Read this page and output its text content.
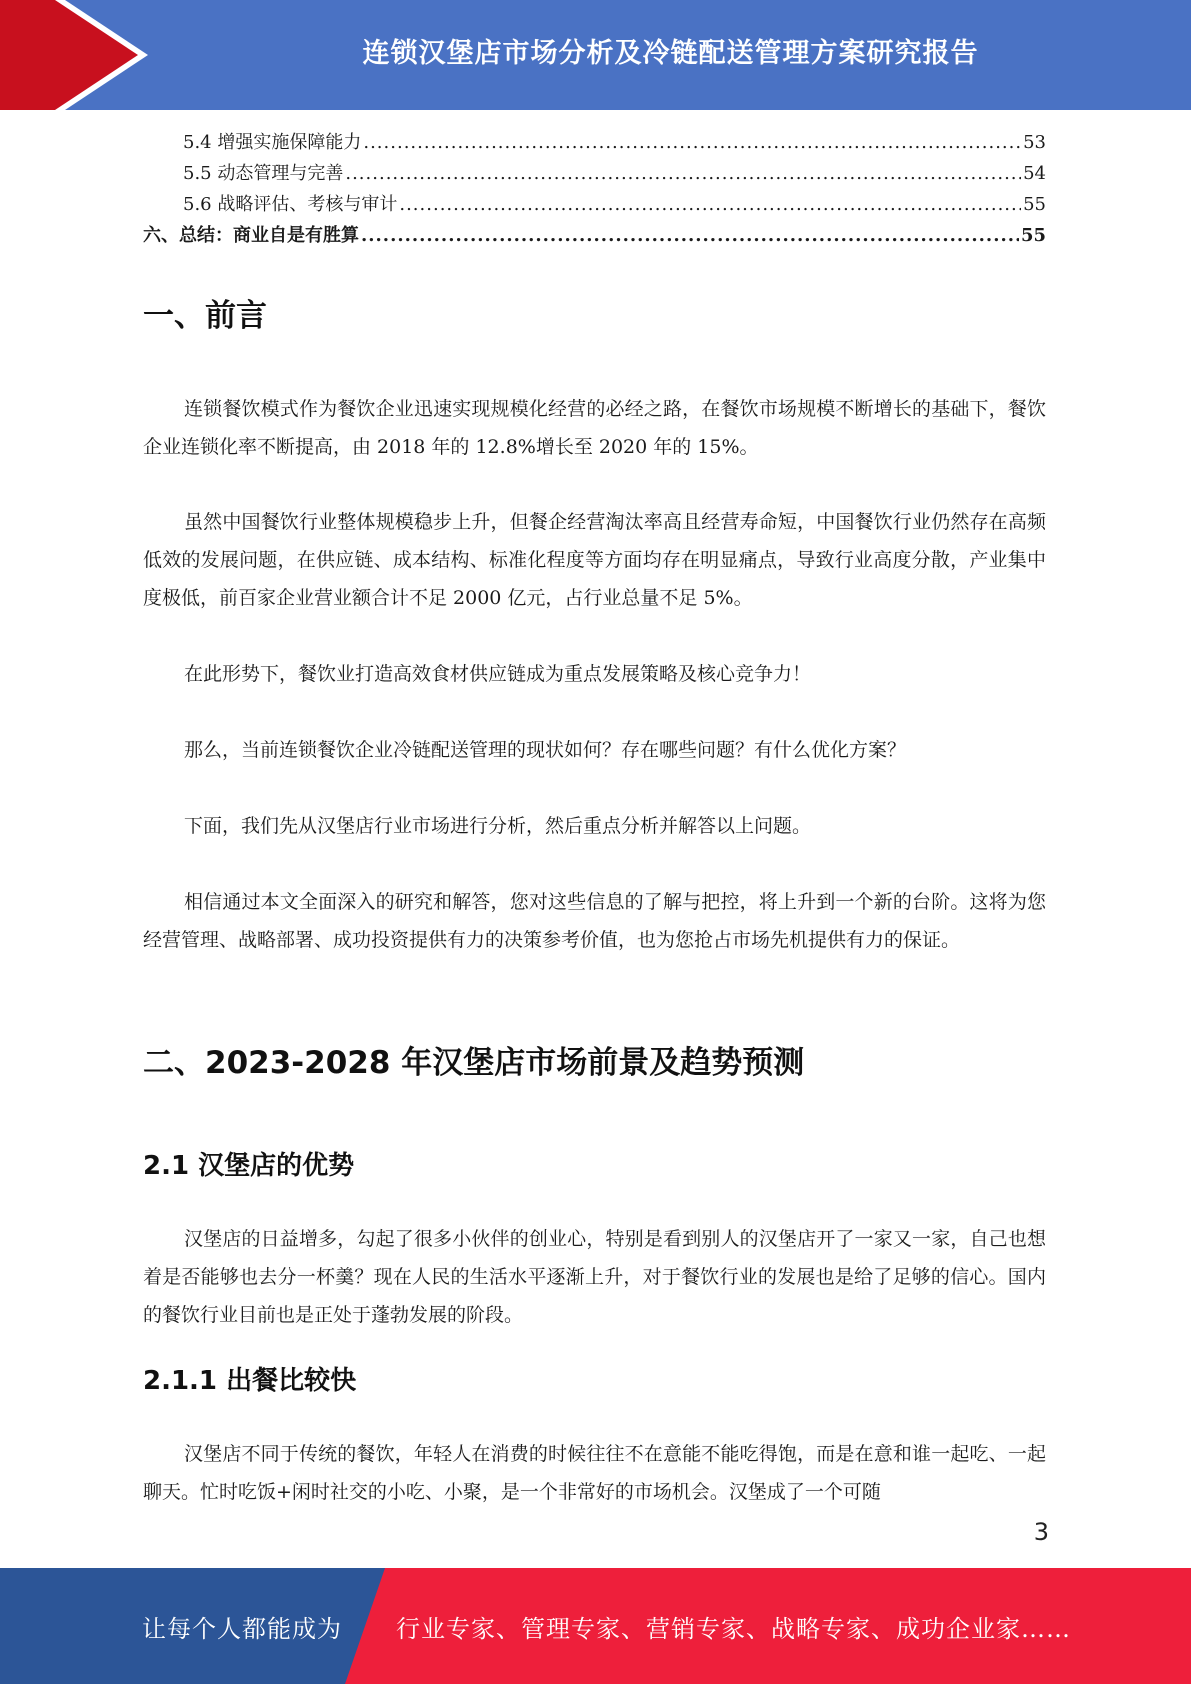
连锁汉堡店市场分析及冷链配送管理方案研究报告
5.4 增强实施保障能力 .....	53
5.5 动态管理与完善 .....	54
5.6 战略评估、考核与审计 .....	55
六、总结：商业自是有胜算 .....	55
一、前言

连锁餐饮模式作为餐饮企业迅速实现规模化经营的必经之路，在餐饮市场规模不断增长的基础下，餐饮企业连锁化率不断提高，由 2018 年的 12.8%增长至 2020 年的 15%。

虽然中国餐饮行业整体规模稳步上升，但餐企经营淘汰率高且经营寿命短，中国餐饮行业仍然存在高频低效的发展问题，在供应链、成本结构、标准化程度等方面均存在明显痛点，导致行业高度分散，产业集中度极低，前百家企业营业额合计不足 2000 亿元，占行业总量不足 5%。

在此形势下，餐饮业打造高效食材供应链成为重点发展策略及核心竞争力！

那么，当前连锁餐饮企业冷链配送管理的现状如何？存在哪些问题？有什么优化方案？

下面，我们先从汉堡店行业市场进行分析，然后重点分析并解答以上问题。

相信通过本文全面深入的研究和解答，您对这些信息的了解与把控，将上升到一个新的台阶。这将为您经营管理、战略部署、成功投资提供有力的决策参考价值，也为您抢占市场先机提供有力的保证。

二、2023-2028 年汉堡店市场前景及趋势预测
2.1 汉堡店的优势

汉堡店的日益增多，勾起了很多小伙伴的创业心，特别是看到别人的汉堡店开了一家又一家，自己也想着是否能够也去分一杯羹？现在人民的生活水平逐渐上升，对于餐饮行业的发展也是给了足够的信心。国内的餐饮行业目前也是正处于蓬勃发展的阶段。

2.1.1 出餐比较快

汉堡店不同于传统的餐饮，年轻人在消费的时候往往不在意能不能吃得饱，而是在意和谁一起吃、一起聊天。忙时吃饭+闲时社交的小吃、小聚，是一个非常好的市场机会。汉堡成了一个可随

3
让每个人都能成为 行业专家、管理专家、营销专家、战略专家、成功企业家……
